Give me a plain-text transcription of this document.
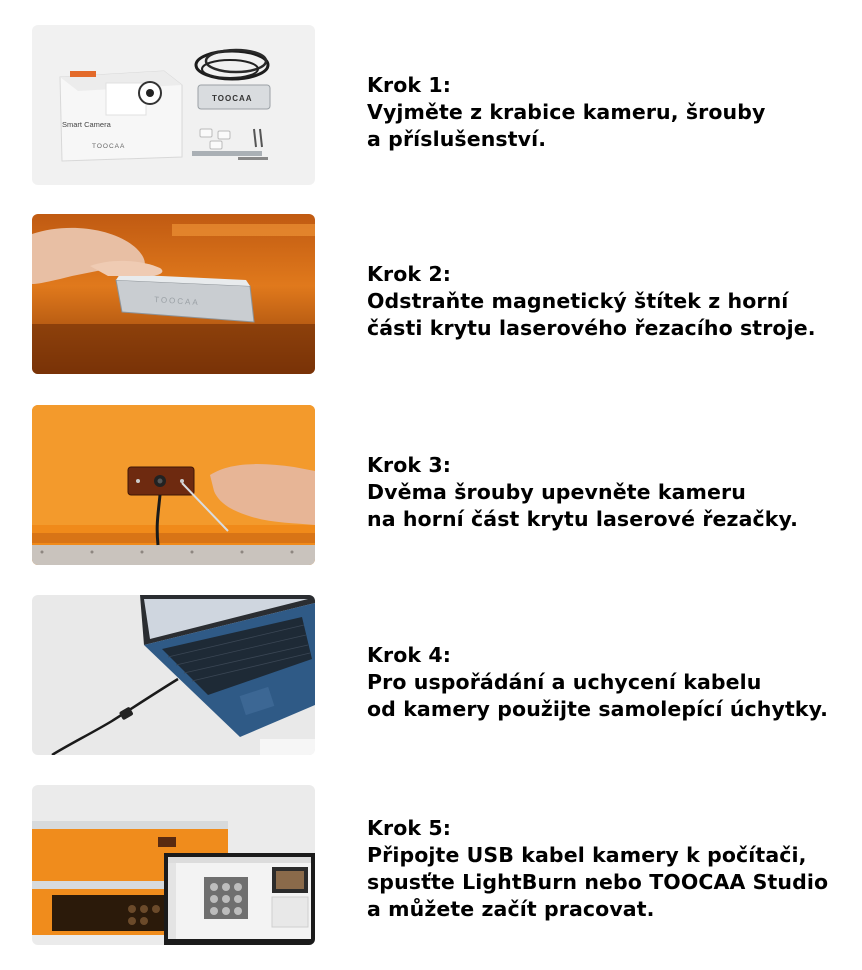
Smart Camera
TOOCAA
TOOCAA
Krok 1:
Vyjměte z krabice kameru, šrouby
a příslušenství.
TOOCAA
Krok 2:
Odstraňte magnetický štítek z horní
části krytu laserového řezacího stroje.
Krok 3:
Dvěma šrouby upevněte kameru
na horní část krytu laserové řezačky.
Krok 4:
Pro uspořádání a uchycení kabelu
od kamery použijte samolepící úchytky.
Krok 5:
Připojte USB kabel kamery k počítači,
spusťte LightBurn nebo TOOCAA Studio
a můžete začít pracovat.
